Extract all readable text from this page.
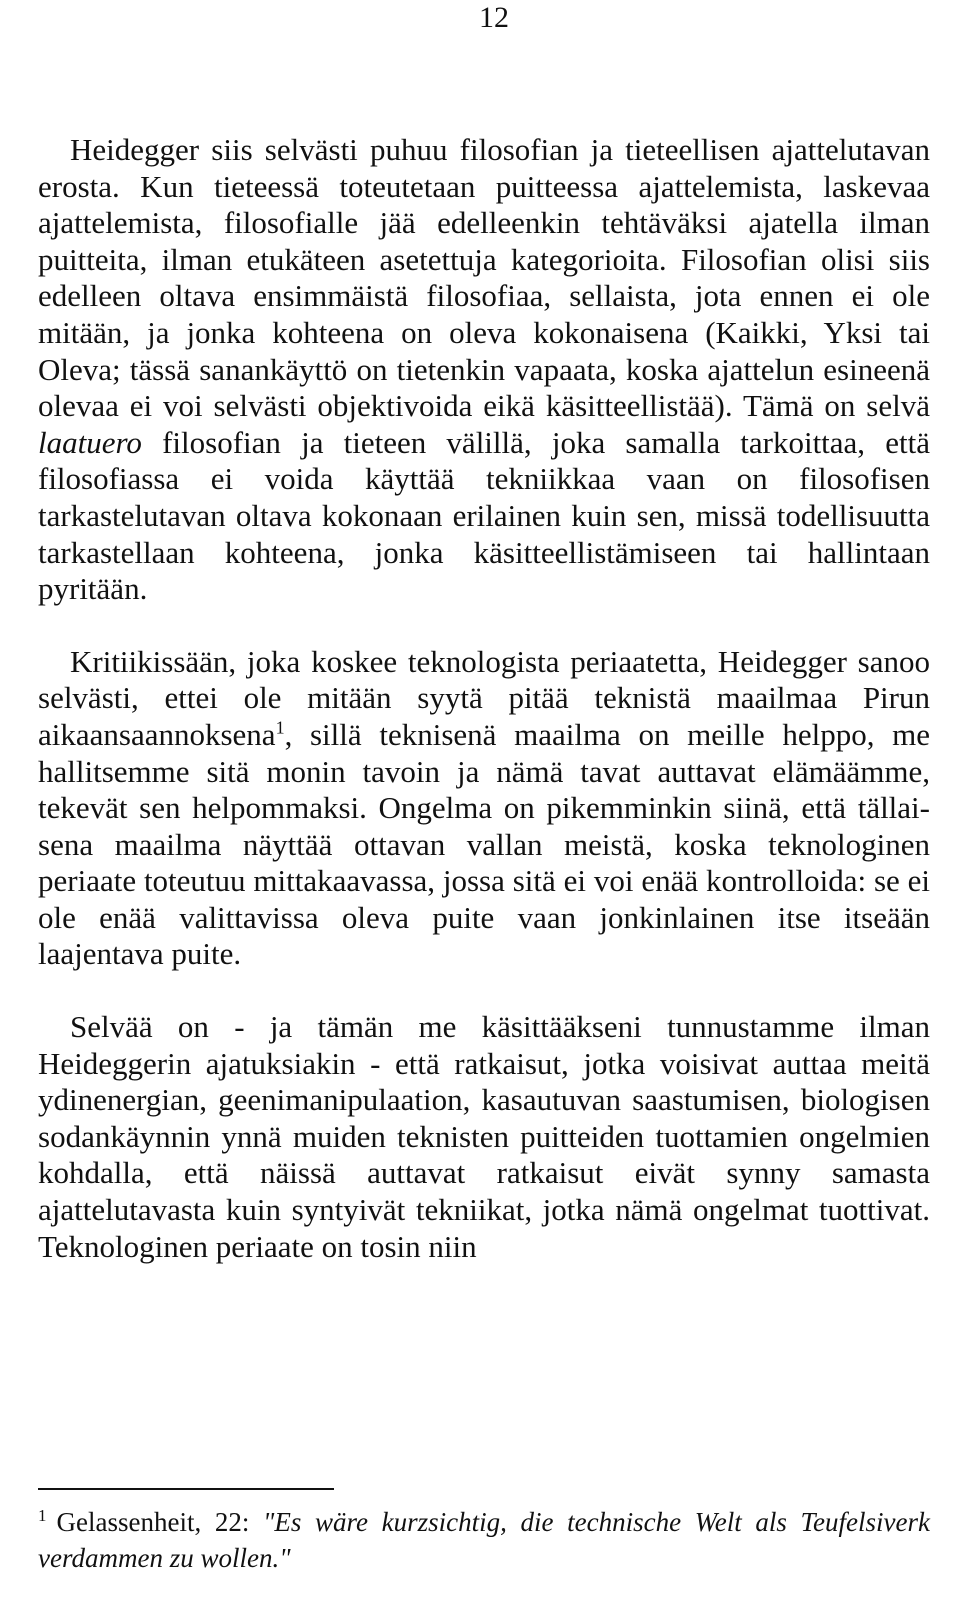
12

Heidegger siis selvästi puhuu filosofian ja tieteellisen ajattelutavan erosta. Kun tieteessä toteutetaan puitteessa ajattelemista, laskevaa ajattelemista, filosofialle jää edelleenkin tehtäväksi ajatella ilman puitteita, ilman etukäteen asetettuja kategorioita. Filosofian olisi siis edelleen oltava ensimmäistä filosofiaa, sellaista, jota ennen ei ole mitään, ja jonka kohteena on oleva kokonaisena (Kaikki, Yksi tai Oleva; tässä sanankäyttö on tietenkin vapaata, koska ajattelun esineenä olevaa ei voi selvästi objektivoida eikä käsitteellistää). Tämä on selvä laatuero filosofian ja tieteen välillä, joka samalla tarkoittaa, että filosofiassa ei voida käyttää tekniikkaa vaan on filosofisen tarkastelutavan oltava kokonaan erilainen kuin sen, missä todellisuutta tarkastellaan kohteena, jonka käsitteellistämiseen tai hallintaan pyritään.

Kritiikissään, joka koskee teknologista periaatetta, Heidegger sanoo selvästi, ettei ole mitään syytä pitää teknistä maailmaa Pirun aikaansaannoksena$^1$, sillä teknisenä maailma on meille helppo, me hallitsemme sitä monin tavoin ja nämä tavat auttavat elämäämme, tekevät sen helpommaksi. Ongelma on pikemminkin siinä, että tällaisena maailma näyttää ottavan vallan meistä, koska teknologinen periaate toteutuu mittakaavassa, jossa sitä ei voi enää kontrolloida: se ei ole enää valittavissa oleva puite vaan jonkinlainen itse itseään laajentava puite.

Selvää on - ja tämän me käsittääkseni tunnustamme ilman Heideggerin ajatuksiakin - että ratkaisut, jotka voisivat auttaa meitä ydinenergian, geenimanipulaation, kasautuvan saastumisen, biologisen sodankäynnin ynnä muiden teknisten puitteiden tuottamien ongelmien kohdalla, että näissä auttavat ratkaisut eivät synny samasta ajattelutavasta kuin syntyivät tekniikat, jotka nämä ongelmat tuottivat. Teknologinen periaate on tosin niin

$^1$ Gelassenheit, 22: "Es wäre kurzsichtig, die technische Welt als Teufelsiverk verdammen zu wollen."
